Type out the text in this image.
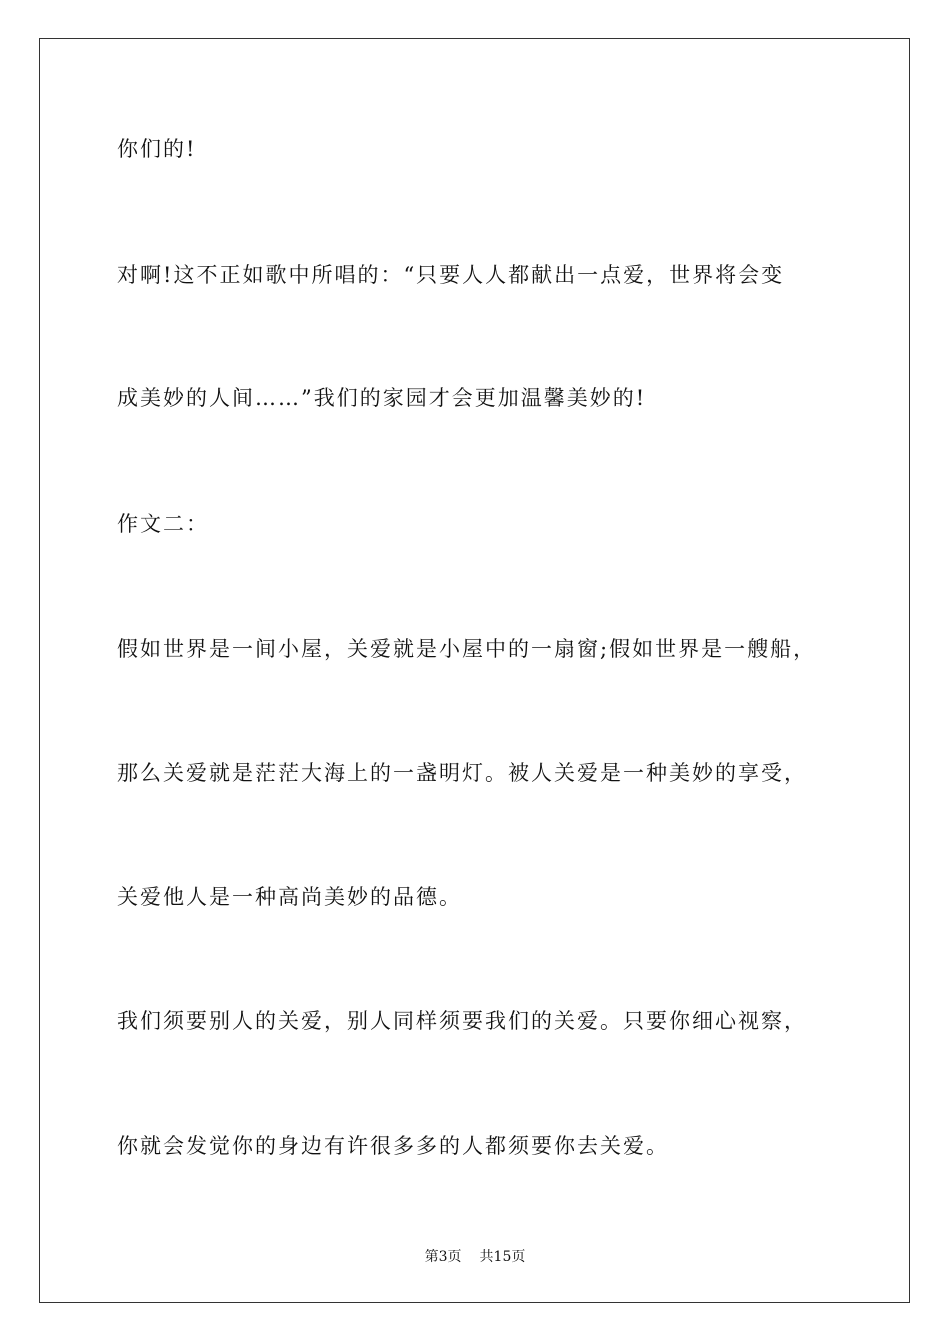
你们的!
对啊!这不正如歌中所唱的：“只要人人都献出一点爱，世界将会变
成美妙的人间……”我们的家园才会更加温馨美妙的!
作文二：
假如世界是一间小屋，关爱就是小屋中的一扇窗;假如世界是一艘船，
那么关爱就是茫茫大海上的一盏明灯。被人关爱是一种美妙的享受，
关爱他人是一种高尚美妙的品德。
我们须要别人的关爱，别人同样须要我们的关爱。只要你细心视察，
你就会发觉你的身边有许很多多的人都须要你去关爱。
第3页 共15页
